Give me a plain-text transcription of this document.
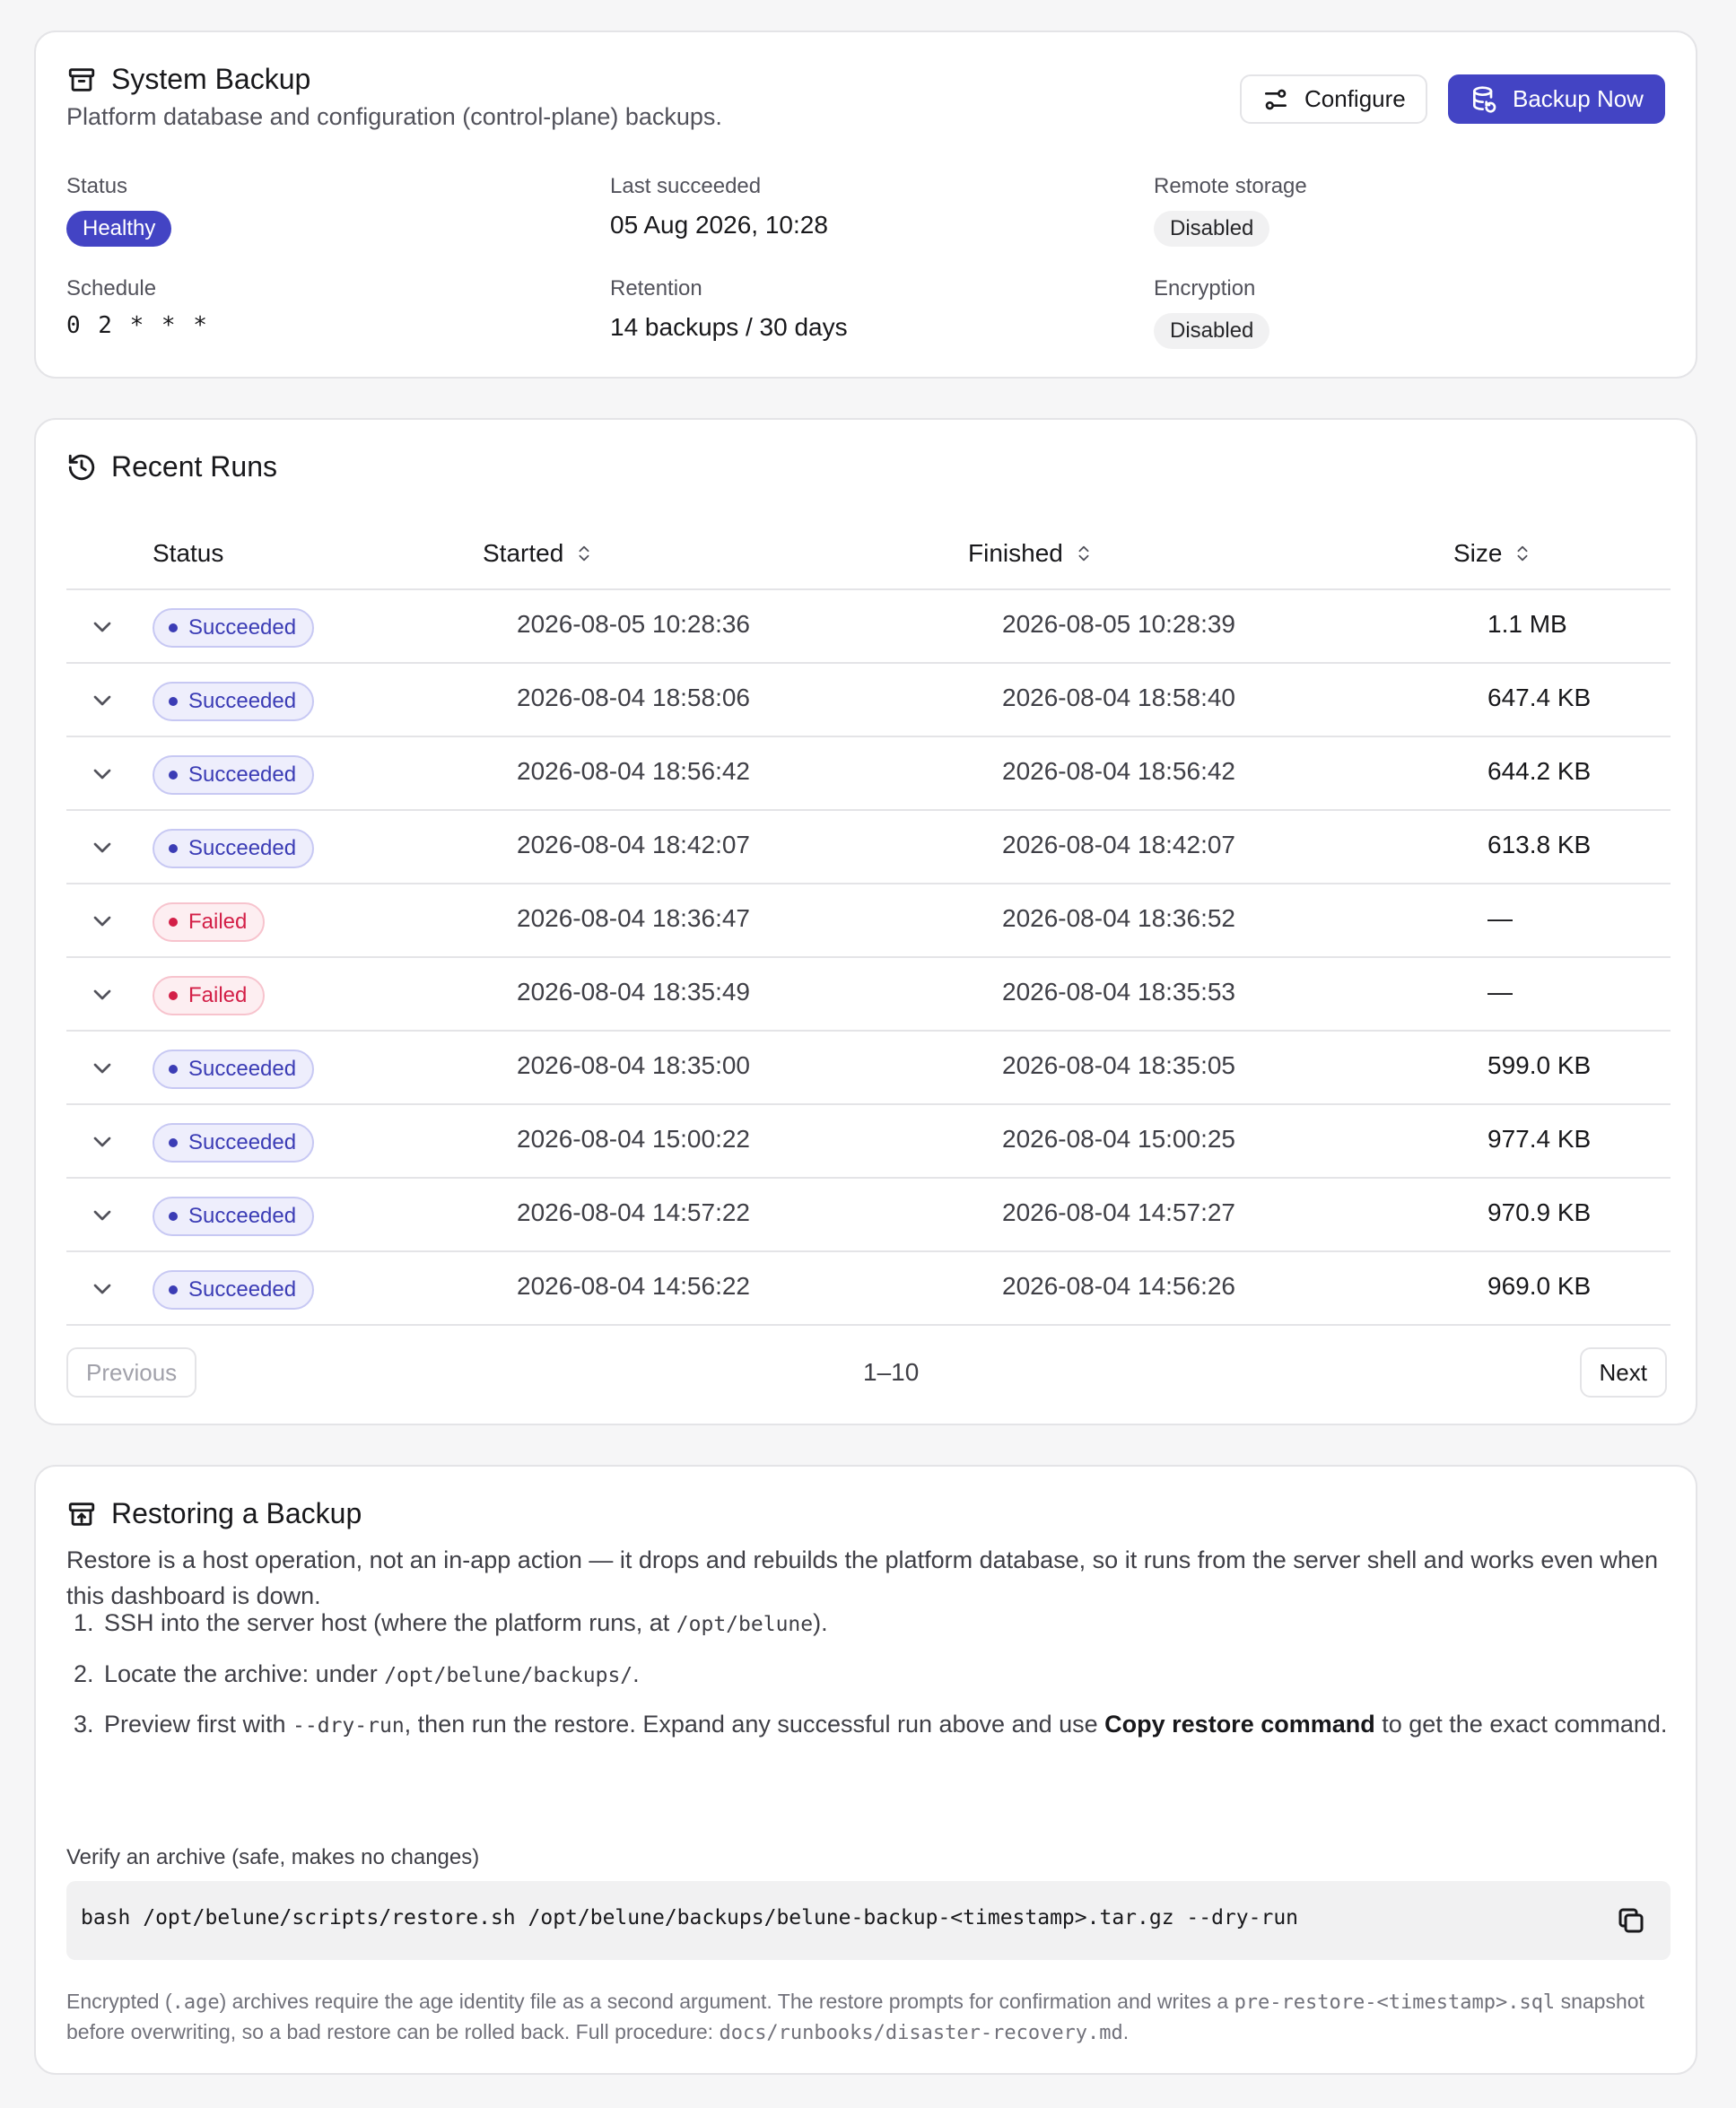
System Backup
Platform database and configuration (control-plane) backups.
Configure	Backup Now
Status
Healthy
Last succeeded
05 Aug 2026, 10:28
Remote storage
Disabled
Schedule
0 2 * * *
Retention
14 backups / 30 days
Encryption
Disabled
Recent Runs
Status	Started	Finished	Size
Succeeded	2026-08-05 10:28:36	2026-08-05 10:28:39	1.1 MB
Succeeded	2026-08-04 18:58:06	2026-08-04 18:58:40	647.4 KB
Succeeded	2026-08-04 18:56:42	2026-08-04 18:56:42	644.2 KB
Succeeded	2026-08-04 18:42:07	2026-08-04 18:42:07	613.8 KB
Failed	2026-08-04 18:36:47	2026-08-04 18:36:52	—
Failed	2026-08-04 18:35:49	2026-08-04 18:35:53	—
Succeeded	2026-08-04 18:35:00	2026-08-04 18:35:05	599.0 KB
Succeeded	2026-08-04 15:00:22	2026-08-04 15:00:25	977.4 KB
Succeeded	2026-08-04 14:57:22	2026-08-04 14:57:27	970.9 KB
Succeeded	2026-08-04 14:56:22	2026-08-04 14:56:26	969.0 KB
Previous	1–10	Next
Restoring a Backup
Restore is a host operation, not an in-app action — it drops and rebuilds the platform database, so it runs from the server shell and works even when this dashboard is down.
1. SSH into the server host (where the platform runs, at /opt/belune).
2. Locate the archive: under /opt/belune/backups/.
3. Preview first with --dry-run, then run the restore. Expand any successful run above and use Copy restore command to get the exact command.
Verify an archive (safe, makes no changes)
bash /opt/belune/scripts/restore.sh /opt/belune/backups/belune-backup-<timestamp>.tar.gz --dry-run
Encrypted (.age) archives require the age identity file as a second argument. The restore prompts for confirmation and writes a pre-restore-<timestamp>.sql snapshot before overwriting, so a bad restore can be rolled back. Full procedure: docs/runbooks/disaster-recovery.md.
